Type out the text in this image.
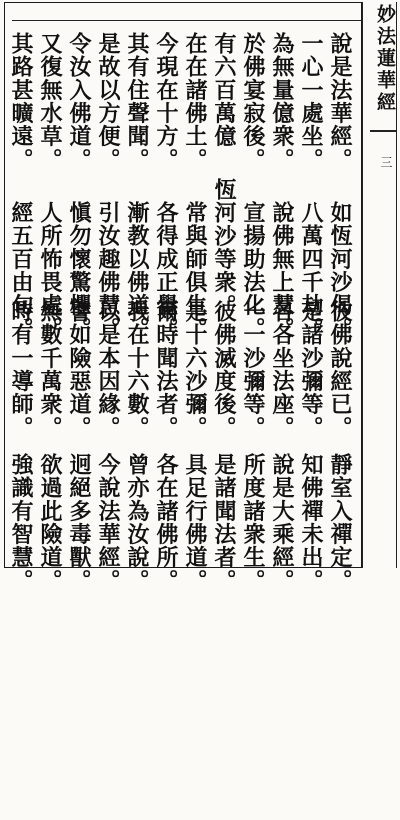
妙法蓮華經
三
說是法華經。
如恆河沙偈。
一心一處坐。
八萬四千劫。
為無量億衆。
說佛無上慧。
於佛宴寂後。
宣揚助法化。
有六百萬億
恆河沙等衆。
在在諸佛土。
常與師俱生。
今現在十方。
各得成正覺。
其有住聲聞。
漸教以佛道。
是故以方便。
引汝趣佛慧。
令汝入佛道。
愼勿懷驚懼。
又復無水草。
人所怖畏處。
其路甚曠遠。
經五百由旬。
彼佛說經已。
靜室入禪定。
是諸沙彌等。
知佛禪未出。
各各坐法座。
說是大乘經。
一一沙彌等。
所度諸衆生。
彼佛滅度後。
是諸聞法者。
是十六沙彌。
具足行佛道。
爾時聞法者。
各在諸佛所。
我在十六數。
曾亦為汝說。
以是本因緣。
今說法華經。
譬如險惡道。
迥絕多毒獸。
無數千萬衆。
欲過此險道。
時有一導師。
強識有智慧。
